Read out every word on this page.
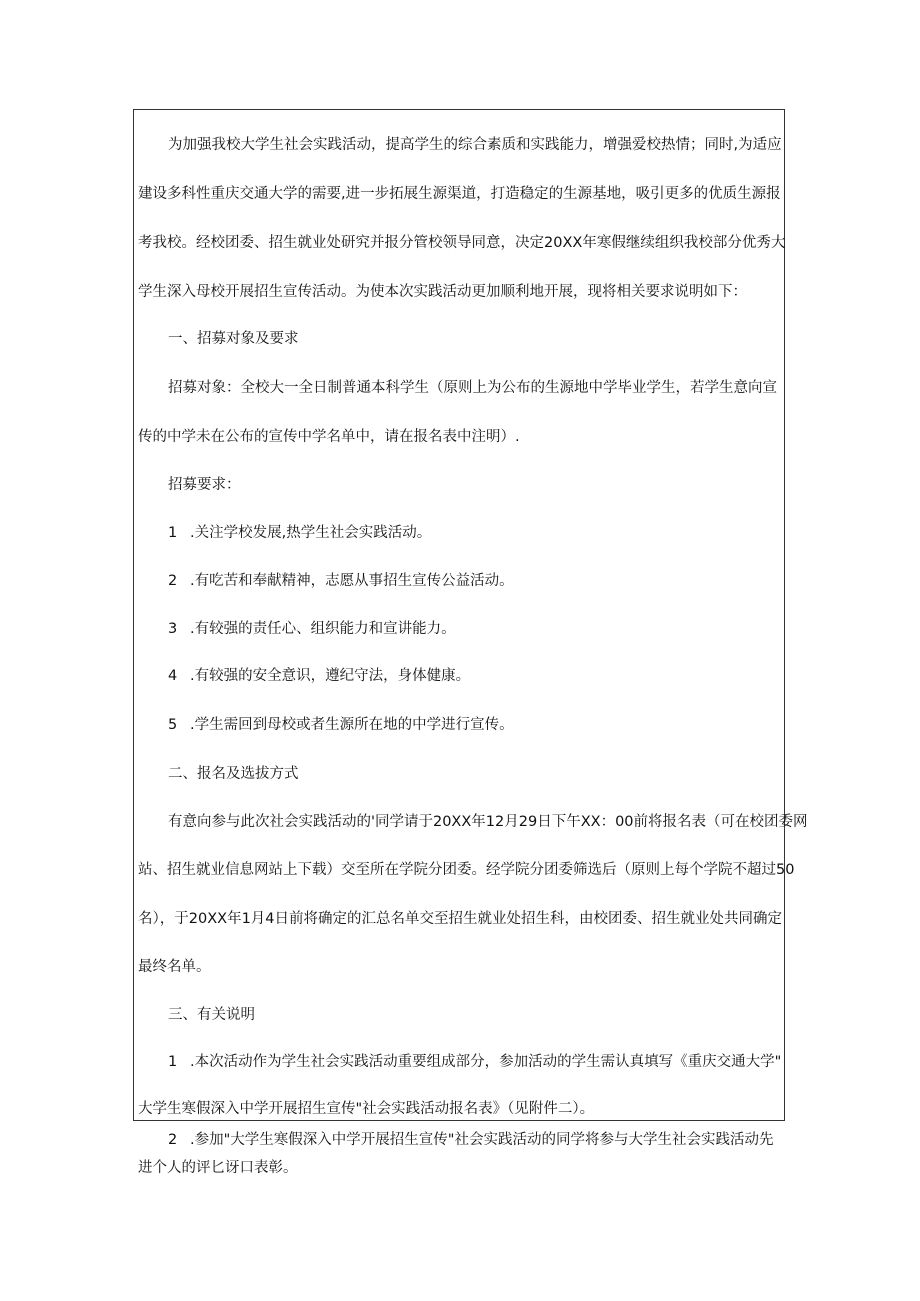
为加强我校大学生社会实践活动，提高学生的综合素质和实践能力，增强爱校热情；同时,为适应
建设多科性重庆交通大学的需要,进一步拓展生源渠道，打造稳定的生源基地，吸引更多的优质生源报
考我校。经校团委、招生就业处研究并报分管校领导同意，决定20XX年寒假继续组织我校部分优秀大
学生深入母校开展招生宣传活动。为使本次实践活动更加顺利地开展，现将相关要求说明如下：
一、招募对象及要求
招募对象：全校大一全日制普通本科学生（原则上为公布的生源地中学毕业学生，若学生意向宣
传的中学未在公布的宣传中学名单中，请在报名表中注明）.
招募要求：
1 .关注学校发展,热学生社会实践活动。
2 .有吃苦和奉献精神，志愿从事招生宣传公益活动。
3 .有较强的责任心、组织能力和宣讲能力。
4 .有较强的安全意识，遵纪守法，身体健康。
5 .学生需回到母校或者生源所在地的中学进行宣传。
二、报名及选拔方式
有意向参与此次社会实践活动的'同学请于20XX年12月29日下午XX：00前将报名表（可在校团委网
站、招生就业信息网站上下载）交至所在学院分团委。经学院分团委筛选后（原则上每个学院不超过50
名），于20XX年1月4日前将确定的汇总名单交至招生就业处招生科，由校团委、招生就业处共同确定
最终名单。
三、有关说明
1 .本次活动作为学生社会实践活动重要组成部分，参加活动的学生需认真填写《重庆交通大学"
大学生寒假深入中学开展招生宣传"社会实践活动报名表》（见附件二）。
2 .参加"大学生寒假深入中学开展招生宣传"社会实践活动的同学将参与大学生社会实践活动先
进个人的评匕讶口表彰。
